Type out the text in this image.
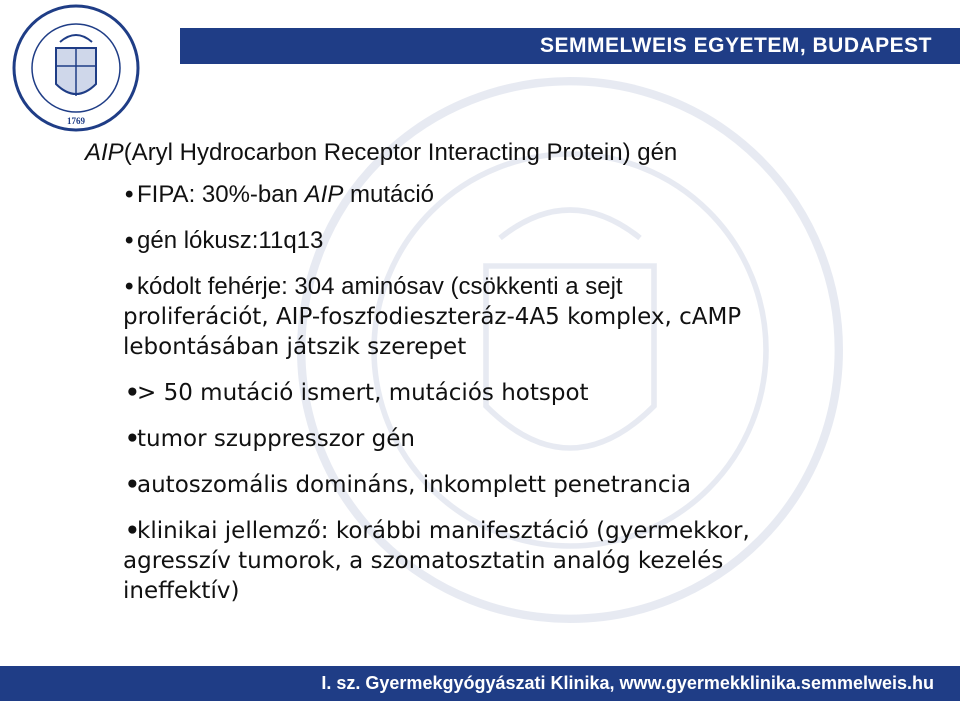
SEMMELWEIS EGYETEM, BUDAPEST
1769
AIP(Aryl Hydrocarbon Receptor Interacting Protein) gén
• FIPA: 30%-ban AIP mutáció
• gén lókusz:11q13
• kódolt fehérje: 304 aminósav (csökkenti a sejt
proliferációt, AIP-foszfodieszteráz-4A5 komplex, cAMP
lebontásában játszik szerepet
•
> 50 mutáció ismert, mutációs hotspot
•
tumor szuppresszor gén
•
autoszomális domináns, inkomplett penetrancia
•
klinikai jellemző: korábbi manifesztáció (gyermekkor,
agresszív tumorok, a szomatosztatin analóg kezelés
ineffektív)
I. sz. Gyermekgyógyászati Klinika, www.gyermekklinika.semmelweis.hu
